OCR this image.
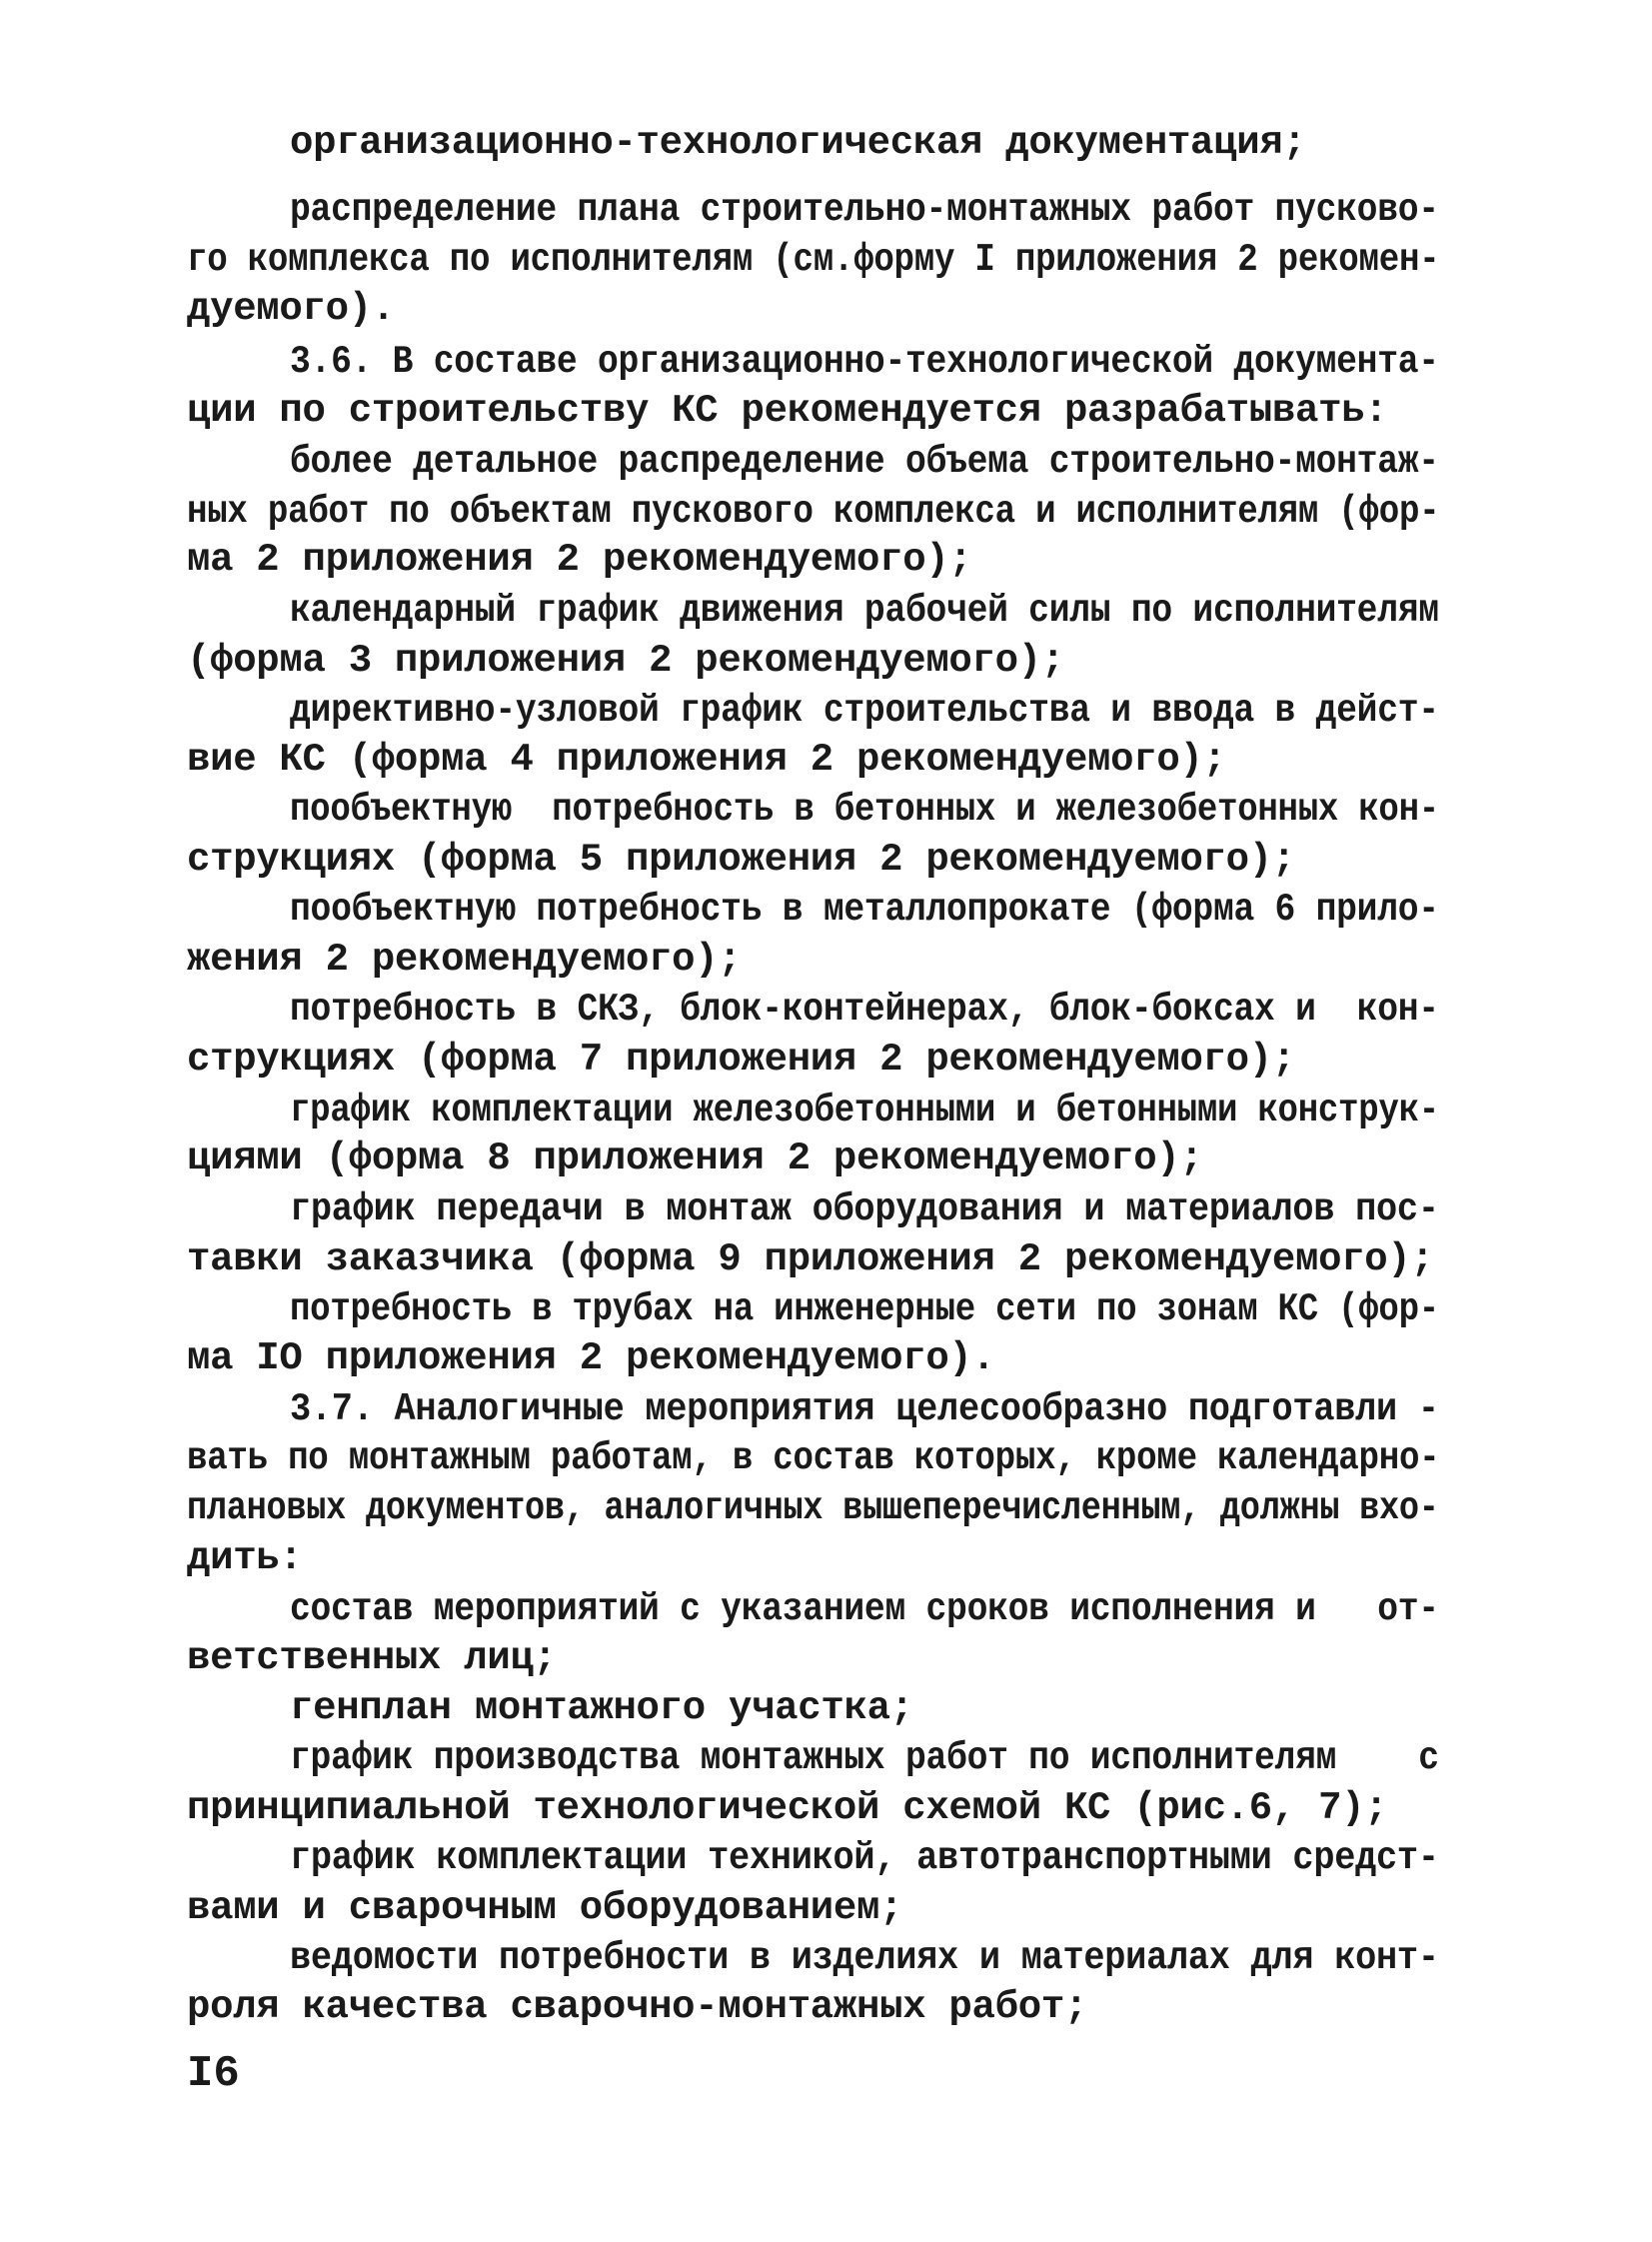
организационно-технологическая документация;

распределение плана строительно-монтажных работ пусково-

го комплекса по исполнителям (см.форму I приложения 2 рекомен-

дуемого).

3.6. В составе организационно-технологической документа-

ции по строительству КС рекомендуется разрабатывать:

более детальное распределение объема строительно-монтаж-

ных работ по объектам пускового комплекса и исполнителям (фор-

ма 2 приложения 2 рекомендуемого);

календарный график движения рабочей силы по исполнителям

(форма 3 приложения 2 рекомендуемого);

директивно-узловой график строительства и ввода в дейст-

вие КС (форма 4 приложения 2 рекомендуемого);

пообъектную  потребность в бетонных и железобетонных кон-

струкциях (форма 5 приложения 2 рекомендуемого);

пообъектную потребность в металлопрокате (форма 6 прило-

жения 2 рекомендуемого);

потребность в СКЗ, блок-контейнерах, блок-боксах и  кон-

струкциях (форма 7 приложения 2 рекомендуемого);

график комплектации железобетонными и бетонными конструк-

циями (форма 8 приложения 2 рекомендуемого);

график передачи в монтаж оборудования и материалов пос-

тавки заказчика (форма 9 приложения 2 рекомендуемого);

потребность в трубах на инженерные сети по зонам КС (фор-

ма IO приложения 2 рекомендуемого).

3.7. Аналогичные мероприятия целесообразно подготавли -

вать по монтажным работам, в состав которых, кроме календарно-

плановых документов, аналогичных вышеперечисленным, должны вхо-

дить:

состав мероприятий с указанием сроков исполнения и   от-

ветственных лиц;

генплан монтажного участка;

график производства монтажных работ по исполнителям    с

принципиальной технологической схемой КС (рис.6, 7);

график комплектации техникой, автотранспортными средст-

вами и сварочным оборудованием;

ведомости потребности в изделиях и материалах для конт-

роля качества сварочно-монтажных работ;

I6
